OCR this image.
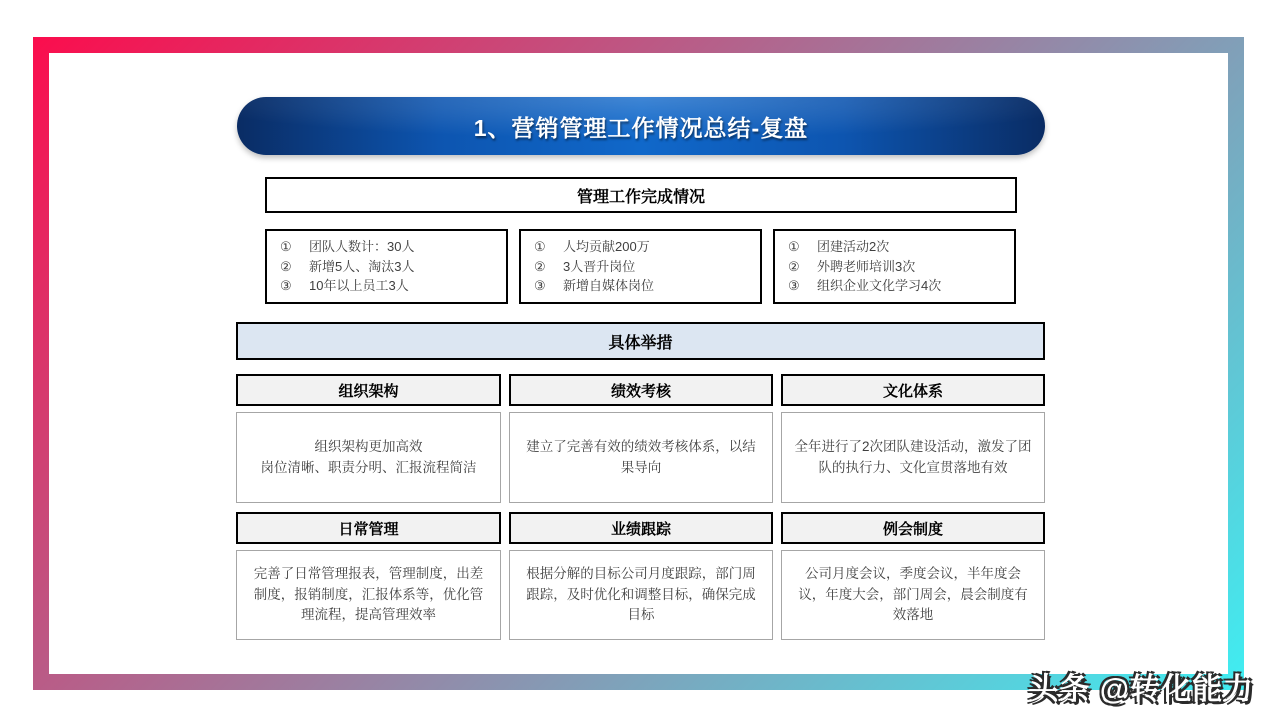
1、营销管理工作情况总结-复盘
管理工作完成情况
①	团队人数计：30人
②	新增5人、淘汰3人
③	10年以上员工3人
①	人均贡献200万
②	3人晋升岗位
③	新增自媒体岗位
①	团建活动2次
②	外聘老师培训3次
③	组织企业文化学习4次
具体举措
组织架构	绩效考核	文化体系
组织架构更加高效
岗位清晰、职责分明、汇报流程简洁
建立了完善有效的绩效考核体系，以结果导向
全年进行了2次团队建设活动，激发了团队的执行力、文化宣贯落地有效
日常管理	业绩跟踪	例会制度
完善了日常管理报表，管理制度，出差制度，报销制度，汇报体系等，优化管理流程，提高管理效率
根据分解的目标公司月度跟踪，部门周跟踪，及时优化和调整目标，确保完成目标
公司月度会议，季度会议，半年度会议，年度大会，部门周会，晨会制度有效落地
头条 @转化能力
